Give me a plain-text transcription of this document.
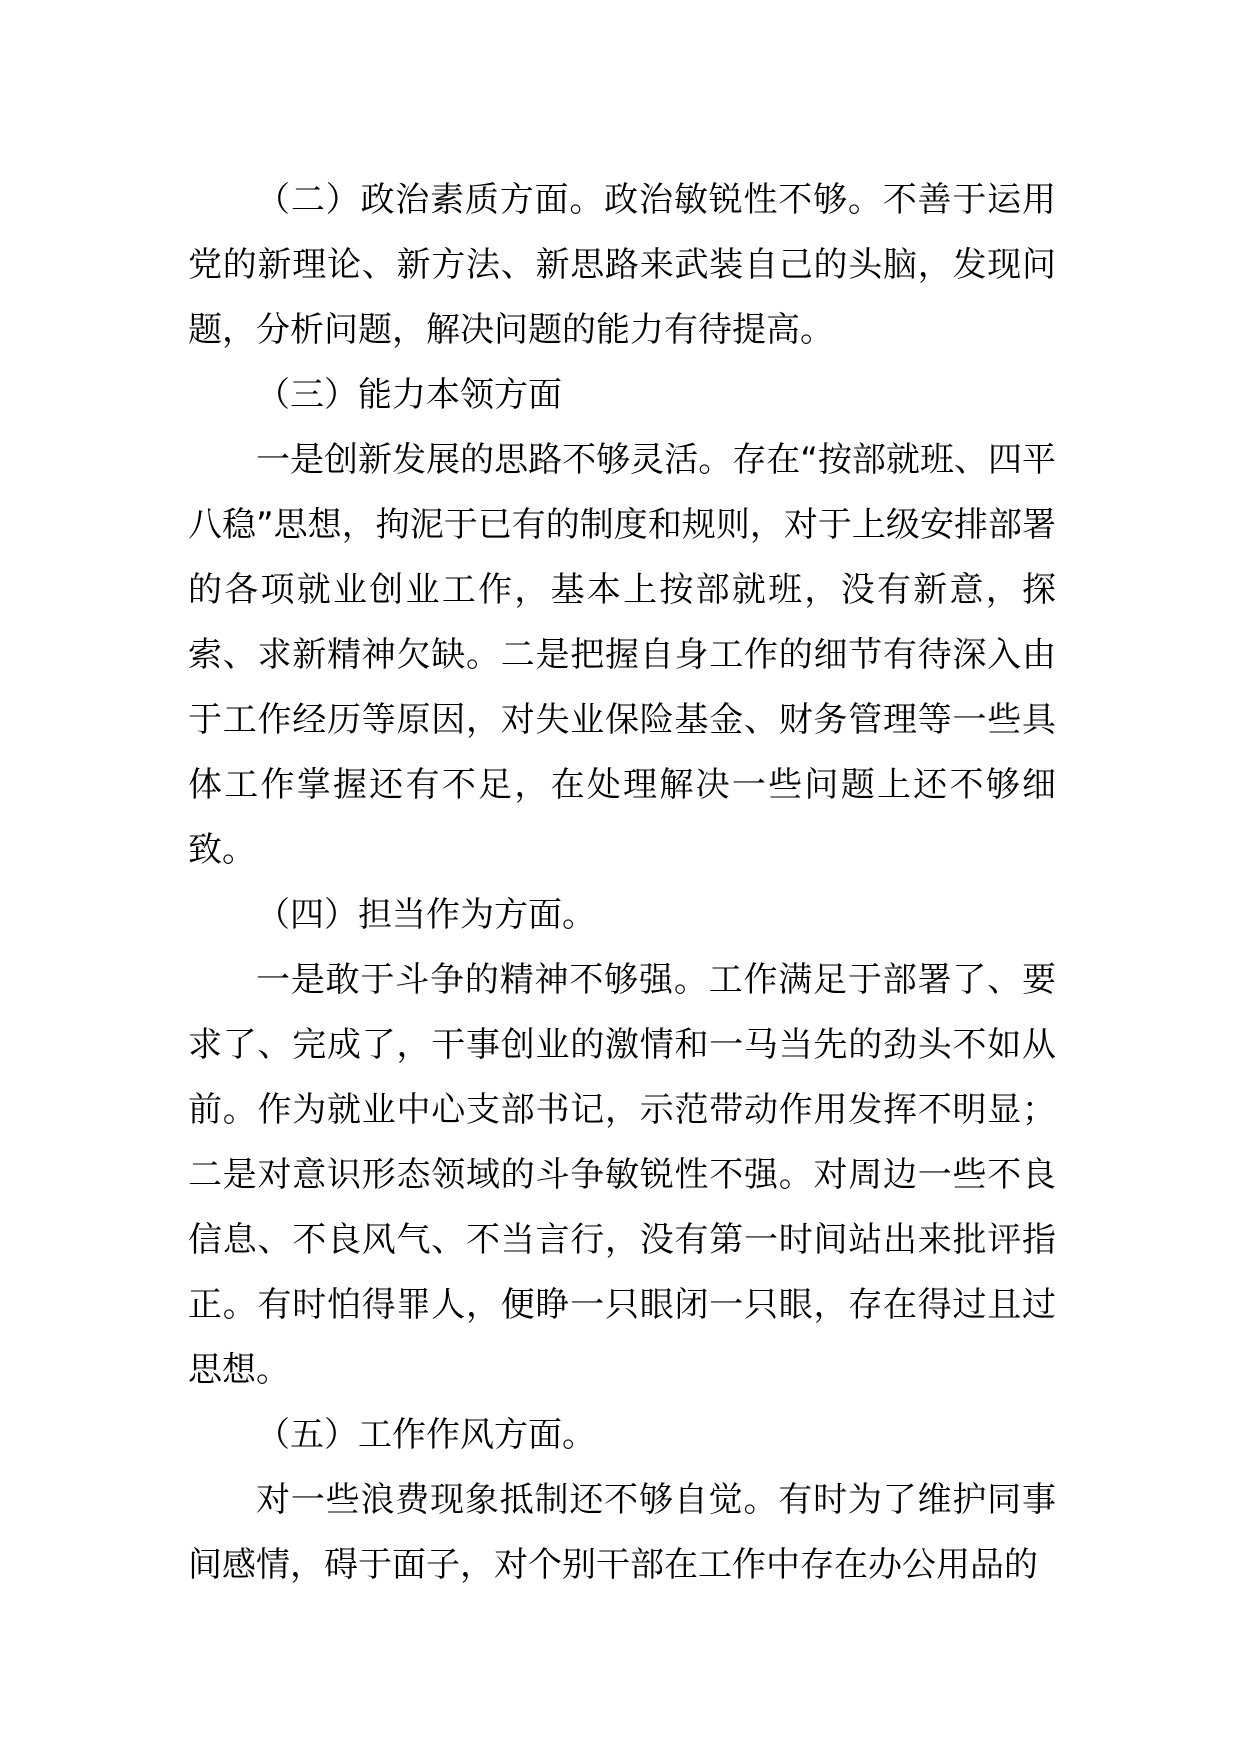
（二）政治素质方面。政治敏锐性不够。不善于运用党的新理论、新方法、新思路来武装自己的头脑，发现问题，分析问题，解决问题的能力有待提高。

（三）能力本领方面

一是创新发展的思路不够灵活。存在“按部就班、四平八稳”思想，拘泥于已有的制度和规则，对于上级安排部署的各项就业创业工作，基本上按部就班，没有新意，探索、求新精神欠缺。二是把握自身工作的细节有待深入由于工作经历等原因，对失业保险基金、财务管理等一些具体工作掌握还有不足，在处理解决一些问题上还不够细致。

（四）担当作为方面。

一是敢于斗争的精神不够强。工作满足于部署了、要求了、完成了，干事创业的激情和一马当先的劲头不如从前。作为就业中心支部书记，示范带动作用发挥不明显；二是对意识形态领域的斗争敏锐性不强。对周边一些不良信息、不良风气、不当言行，没有第一时间站出来批评指正。有时怕得罪人，便睁一只眼闭一只眼，存在得过且过思想。

（五）工作作风方面。

对一些浪费现象抵制还不够自觉。有时为了维护同事间感情，碍于面子，对个别干部在工作中存在办公用品的
